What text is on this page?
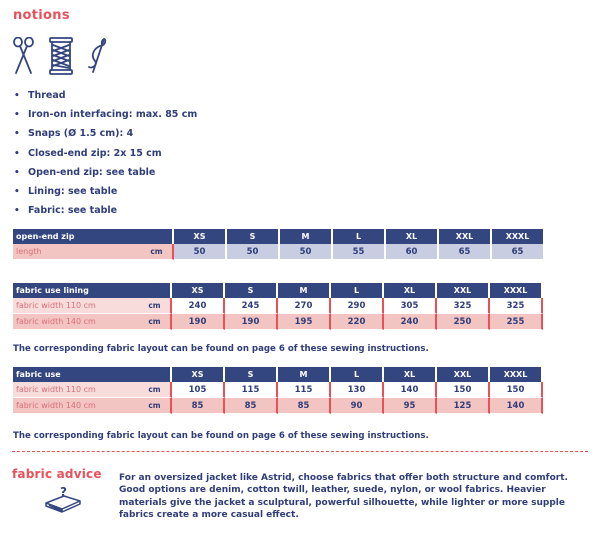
notions
• Thread
• Iron-on interfacing: max. 85 cm
• Snaps (Ø 1.5 cm): 4
• Closed-end zip: 2x 15 cm
• Open-end zip: see table
• Lining: see table
• Fabric: see table
open-end zip		XS	S	M	L	XL	XXL	XXXL
length	cm	50	50	50	55	60	65	65
fabric use lining		XS	S	M	L	XL	XXL	XXXL
fabric width 110 cm	cm	240	245	270	290	305	325	325
fabric width 140 cm	cm	190	190	195	220	240	250	255
The corresponding fabric layout can be found on page 6 of these sewing instructions.
fabric use		XS	S	M	L	XL	XXL	XXXL
fabric width 110 cm	cm	105	115	115	130	140	150	150
fabric width 140 cm	cm	85	85	85	90	95	125	140
The corresponding fabric layout can be found on page 6 of these sewing instructions.
fabric advice
?
For an oversized jacket like Astrid, choose fabrics that offer both structure and comfort. Good options are denim, cotton twill, leather, suede, nylon, or wool fabrics. Heavier materials give the jacket a sculptural, powerful silhouette, while lighter or more supple fabrics create a more casual effect.
